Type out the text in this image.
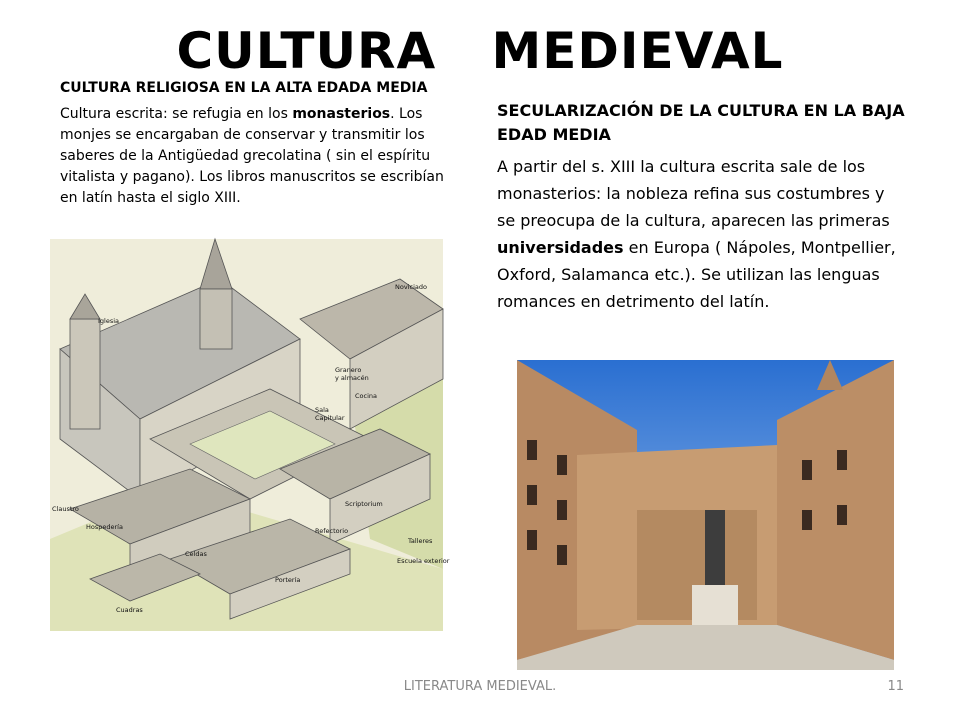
CULTURA   MEDIEVAL

CULTURA RELIGIOSA EN LA ALTA EDADA MEDIA

Cultura escrita: se refugia en los monasterios. Los monjes se encargaban de conservar y transmitir los saberes de la Antigüedad grecolatina ( sin el espíritu vitalista y pagano). Los libros manuscritos se escribían en latín hasta el siglo XIII.

SECULARIZACIÓN DE LA CULTURA EN LA BAJA EDAD MEDIA

A partir del s. XIII la cultura escrita sale de los monasterios: la nobleza refina sus costumbres y se preocupa de la cultura, aparecen las primeras universidades en Europa ( Nápoles, Montpellier, Oxford, Salamanca etc.). Se utilizan las lenguas romances en detrimento del latín.

Iglesia
Noviciado
Granero
y almacén
Sala
Capitular
Cocina
Claustro
Hospedería
Scriptorium
Refectorio
Talleres
Celdas
Escuela exterior
Portería
Cuadras
LITERATURA MEDIEVAL.	11
